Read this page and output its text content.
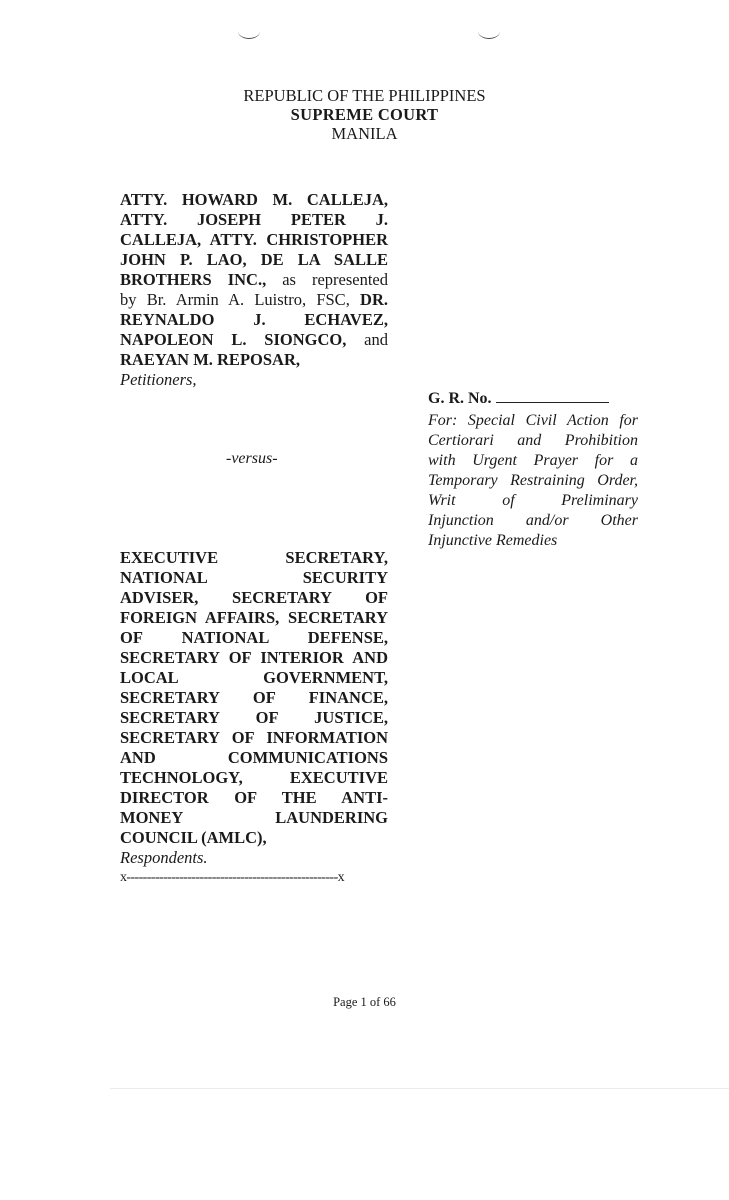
REPUBLIC OF THE PHILIPPINES
SUPREME COURT
MANILA
ATTY. HOWARD M. CALLEJA,
ATTY. JOSEPH PETER J.
CALLEJA, ATTY. CHRISTOPHER
JOHN P. LAO, DE LA SALLE
BROTHERS INC., as represented
by Br. Armin A. Luistro, FSC, DR.
REYNALDO J. ECHAVEZ,
NAPOLEON L. SIONGCO, and
RAEYAN M. REPOSAR,
Petitioners,
-versus-
EXECUTIVE SECRETARY,
NATIONAL SECURITY
ADVISER, SECRETARY OF
FOREIGN AFFAIRS, SECRETARY
OF NATIONAL DEFENSE,
SECRETARY OF INTERIOR AND
LOCAL GOVERNMENT,
SECRETARY OF FINANCE,
SECRETARY OF JUSTICE,
SECRETARY OF INFORMATION
AND COMMUNICATIONS
TECHNOLOGY, EXECUTIVE
DIRECTOR OF THE ANTI-
MONEY LAUNDERING
COUNCIL (AMLC),
Respondents.
x----------------------------------------------------x
G. R. No.
For: Special Civil Action for
Certiorari and Prohibition
with Urgent Prayer for a
Temporary Restraining Order,
Writ of Preliminary
Injunction and/or Other
Injunctive Remedies
Page 1 of 66
